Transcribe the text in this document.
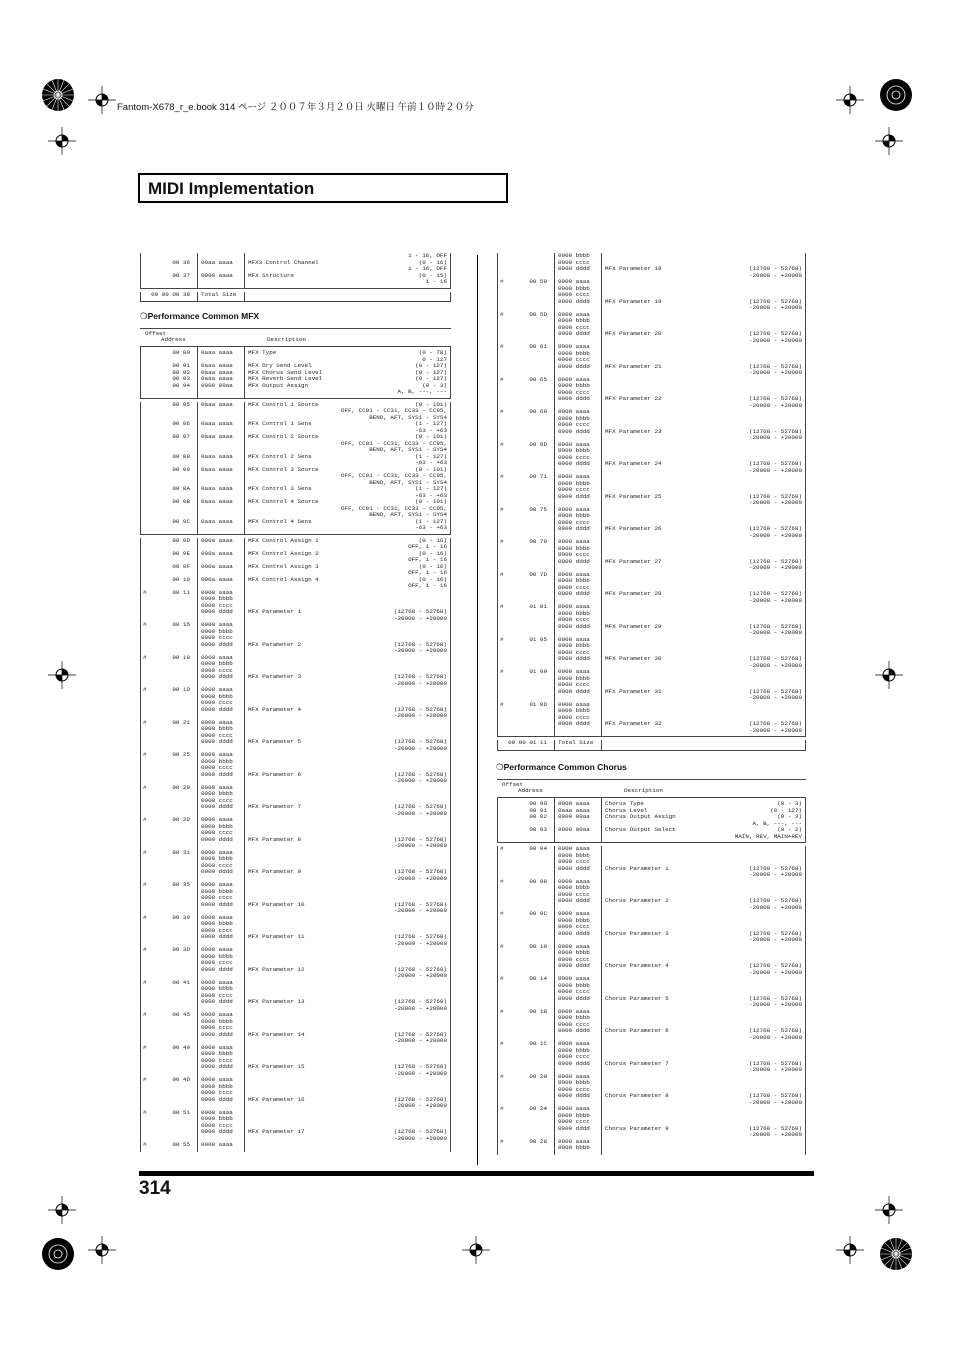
Fantom-X678_r_e.book 314 ページ ２００７年３月２０日 火曜日 午前１０時２０分
MIDI Implementation
1 - 16, OFF
00 36 00aa aaaa	MFX3 Control Channel	(0 - 16)
1 - 16, OFF
00 37 0000 aaaa	MFX Structure	(0 - 15)
1 - 16
00 00 00 38 Total Size
❍Performance Common MFX
Offset
Address	Description
00 00 0aaa aaaa	MFX Type	(0 - 78)
0 - 127
00 01 0aaa aaaa	MFX Dry Send Level	(0 - 127)
00 02 0aaa aaaa	MFX Chorus Send Level	(0 - 127)
00 03 0aaa aaaa	MFX Reverb Send Level	(0 - 127)
00 04 0000 00aa	MFX Output Assign	(0 - 3)
A, B, ---, ---
00 05 0aaa aaaa	MFX Control 1 Source	(0 - 101)
OFF, CC01 - CC31, CC33 - CC95,
BEND, AFT, SYS1 - SYS4
00 06 0aaa aaaa	MFX Control 1 Sens	(1 - 127)
-63 - +63
00 07 0aaa aaaa	MFX Control 2 Source	(0 - 101)
OFF, CC01 - CC31, CC33 - CC95,
BEND, AFT, SYS1 - SYS4
00 08 0aaa aaaa	MFX Control 2 Sens	(1 - 127)
-63 - +63
00 09 0aaa aaaa	MFX Control 3 Source	(0 - 101)
OFF, CC01 - CC31, CC33 - CC95,
BEND, AFT, SYS1 - SYS4
00 0A 0aaa aaaa	MFX Control 3 Sens	(1 - 127)
-63 - +63
00 0B 0aaa aaaa	MFX Control 4 Source	(0 - 101)
OFF, CC01 - CC31, CC33 - CC95,
BEND, AFT, SYS1 - SYS4
00 0C 0aaa aaaa	MFX Control 4 Sens	(1 - 127)
-63 - +63
00 0D 000a aaaa	MFX Control Assign 1	(0 - 16)
OFF, 1 - 16
00 0E 000a aaaa	MFX Control Assign 2	(0 - 16)
OFF, 1 - 16
00 0F 000a aaaa	MFX Control Assign 3	(0 - 16)
OFF, 1 - 16
00 10 000a aaaa	MFX Control Assign 4	(0 - 16)
OFF, 1 - 16
#	00 11 0000 aaaa
0000 bbbb
0000 cccc
0000 dddd	MFX Parameter 1	(12768 - 52768)
-20000 - +20000
#	00 15 0000 aaaa
0000 bbbb
0000 cccc
0000 dddd	MFX Parameter 2	(12768 - 52768)
-20000 - +20000
#	00 19 0000 aaaa
0000 bbbb
0000 cccc
0000 dddd	MFX Parameter 3	(12768 - 52768)
-20000 - +20000
#	00 1D 0000 aaaa
0000 bbbb
0000 cccc
0000 dddd	MFX Parameter 4	(12768 - 52768)
-20000 - +20000
#	00 21 0000 aaaa
0000 bbbb
0000 cccc
0000 dddd	MFX Parameter 5	(12768 - 52768)
-20000 - +20000
#	00 25 0000 aaaa
0000 bbbb
0000 cccc
0000 dddd	MFX Parameter 6	(12768 - 52768)
-20000 - +20000
#	00 29 0000 aaaa
0000 bbbb
0000 cccc
0000 dddd	MFX Parameter 7	(12768 - 52768)
-20000 - +20000
#	00 2D 0000 aaaa
0000 bbbb
0000 cccc
0000 dddd	MFX Parameter 8	(12768 - 52768)
-20000 - +20000
#	00 31 0000 aaaa
0000 bbbb
0000 cccc
0000 dddd	MFX Parameter 9	(12768 - 52768)
-20000 - +20000
#	00 35 0000 aaaa
0000 bbbb
0000 cccc
0000 dddd	MFX Parameter 10	(12768 - 52768)
-20000 - +20000
#	00 39 0000 aaaa
0000 bbbb
0000 cccc
0000 dddd	MFX Parameter 11	(12768 - 52768)
-20000 - +20000
#	00 3D 0000 aaaa
0000 bbbb
0000 cccc
0000 dddd	MFX Parameter 12	(12768 - 52768)
-20000 - +20000
#	00 41 0000 aaaa
0000 bbbb
0000 cccc
0000 dddd	MFX Parameter 13	(12768 - 52768)
-20000 - +20000
#	00 45 0000 aaaa
0000 bbbb
0000 cccc
0000 dddd	MFX Parameter 14	(12768 - 52768)
-20000 - +20000
#	00 49 0000 aaaa
0000 bbbb
0000 cccc
0000 dddd	MFX Parameter 15	(12768 - 52768)
-20000 - +20000
#	00 4D 0000 aaaa
0000 bbbb
0000 cccc
0000 dddd	MFX Parameter 16	(12768 - 52768)
-20000 - +20000
#	00 51 0000 aaaa
0000 bbbb
0000 cccc
0000 dddd	MFX Parameter 17	(12768 - 52768)
-20000 - +20000
#	00 55 0000 aaaa
0000 bbbb
0000 cccc
0000 dddd	MFX Parameter 18	(12768 - 52768)
-20000 - +20000
#	00 59 0000 aaaa
0000 bbbb
0000 cccc
0000 dddd	MFX Parameter 19	(12768 - 52768)
-20000 - +20000
#	00 5D 0000 aaaa
0000 bbbb
0000 cccc
0000 dddd	MFX Parameter 20	(12768 - 52768)
-20000 - +20000
#	00 61 0000 aaaa
0000 bbbb
0000 cccc
0000 dddd	MFX Parameter 21	(12768 - 52768)
-20000 - +20000
#	00 65 0000 aaaa
0000 bbbb
0000 cccc
0000 dddd	MFX Parameter 22	(12768 - 52768)
-20000 - +20000
#	00 69 0000 aaaa
0000 bbbb
0000 cccc
0000 dddd	MFX Parameter 23	(12768 - 52768)
-20000 - +20000
#	00 6D 0000 aaaa
0000 bbbb
0000 cccc
0000 dddd	MFX Parameter 24	(12768 - 52768)
-20000 - +20000
#	00 71 0000 aaaa
0000 bbbb
0000 cccc
0000 dddd	MFX Parameter 25	(12768 - 52768)
-20000 - +20000
#	00 75 0000 aaaa
0000 bbbb
0000 cccc
0000 dddd	MFX Parameter 26	(12768 - 52768)
-20000 - +20000
#	00 79 0000 aaaa
0000 bbbb
0000 cccc
0000 dddd	MFX Parameter 27	(12768 - 52768)
-20000 - +20000
#	00 7D 0000 aaaa
0000 bbbb
0000 cccc
0000 dddd	MFX Parameter 28	(12768 - 52768)
-20000 - +20000
#	01 01 0000 aaaa
0000 bbbb
0000 cccc
0000 dddd	MFX Parameter 29	(12768 - 52768)
-20000 - +20000
#	01 05 0000 aaaa
0000 bbbb
0000 cccc
0000 dddd	MFX Parameter 30	(12768 - 52768)
-20000 - +20000
#	01 09 0000 aaaa
0000 bbbb
0000 cccc
0000 dddd	MFX Parameter 31	(12768 - 52768)
-20000 - +20000
#	01 0D 0000 aaaa
0000 bbbb
0000 cccc
0000 dddd	MFX Parameter 32	(12768 - 52768)
-20000 - +20000
00 00 01 11 Total Size
❍Performance Common Chorus
Offset
Address	Description
00 00 0000 aaaa	Chorus Type	(0 - 3)
00 01 0aaa aaaa	Chorus Level	(0 - 127)
00 02 0000 00aa	Chorus Output Assign	(0 - 3)
A, B, ---, ---
00 03 0000 00aa	Chorus Output Select	(0 - 2)
MAIN, REV, MAIN+REV
#	00 04 0000 aaaa
0000 bbbb
0000 cccc
0000 dddd	Chorus Parameter 1	(12768 - 52768)
-20000 - +20000
#	00 08 0000 aaaa
0000 bbbb
0000 cccc
0000 dddd	Chorus Parameter 2	(12768 - 52768)
-20000 - +20000
#	00 0C 0000 aaaa
0000 bbbb
0000 cccc
0000 dddd	Chorus Parameter 3	(12768 - 52768)
-20000 - +20000
#	00 10 0000 aaaa
0000 bbbb
0000 cccc
0000 dddd	Chorus Parameter 4	(12768 - 52768)
-20000 - +20000
#	00 14 0000 aaaa
0000 bbbb
0000 cccc
0000 dddd	Chorus Parameter 5	(12768 - 52768)
-20000 - +20000
#	00 18 0000 aaaa
0000 bbbb
0000 cccc
0000 dddd	Chorus Parameter 6	(12768 - 52768)
-20000 - +20000
#	00 1C 0000 aaaa
0000 bbbb
0000 cccc
0000 dddd	Chorus Parameter 7	(12768 - 52768)
-20000 - +20000
#	00 20 0000 aaaa
0000 bbbb
0000 cccc
0000 dddd	Chorus Parameter 8	(12768 - 52768)
-20000 - +20000
#	00 24 0000 aaaa
0000 bbbb
0000 cccc
0000 dddd	Chorus Parameter 9	(12768 - 52768)
-20000 - +20000
#	00 28 0000 aaaa
0000 bbbb
314
